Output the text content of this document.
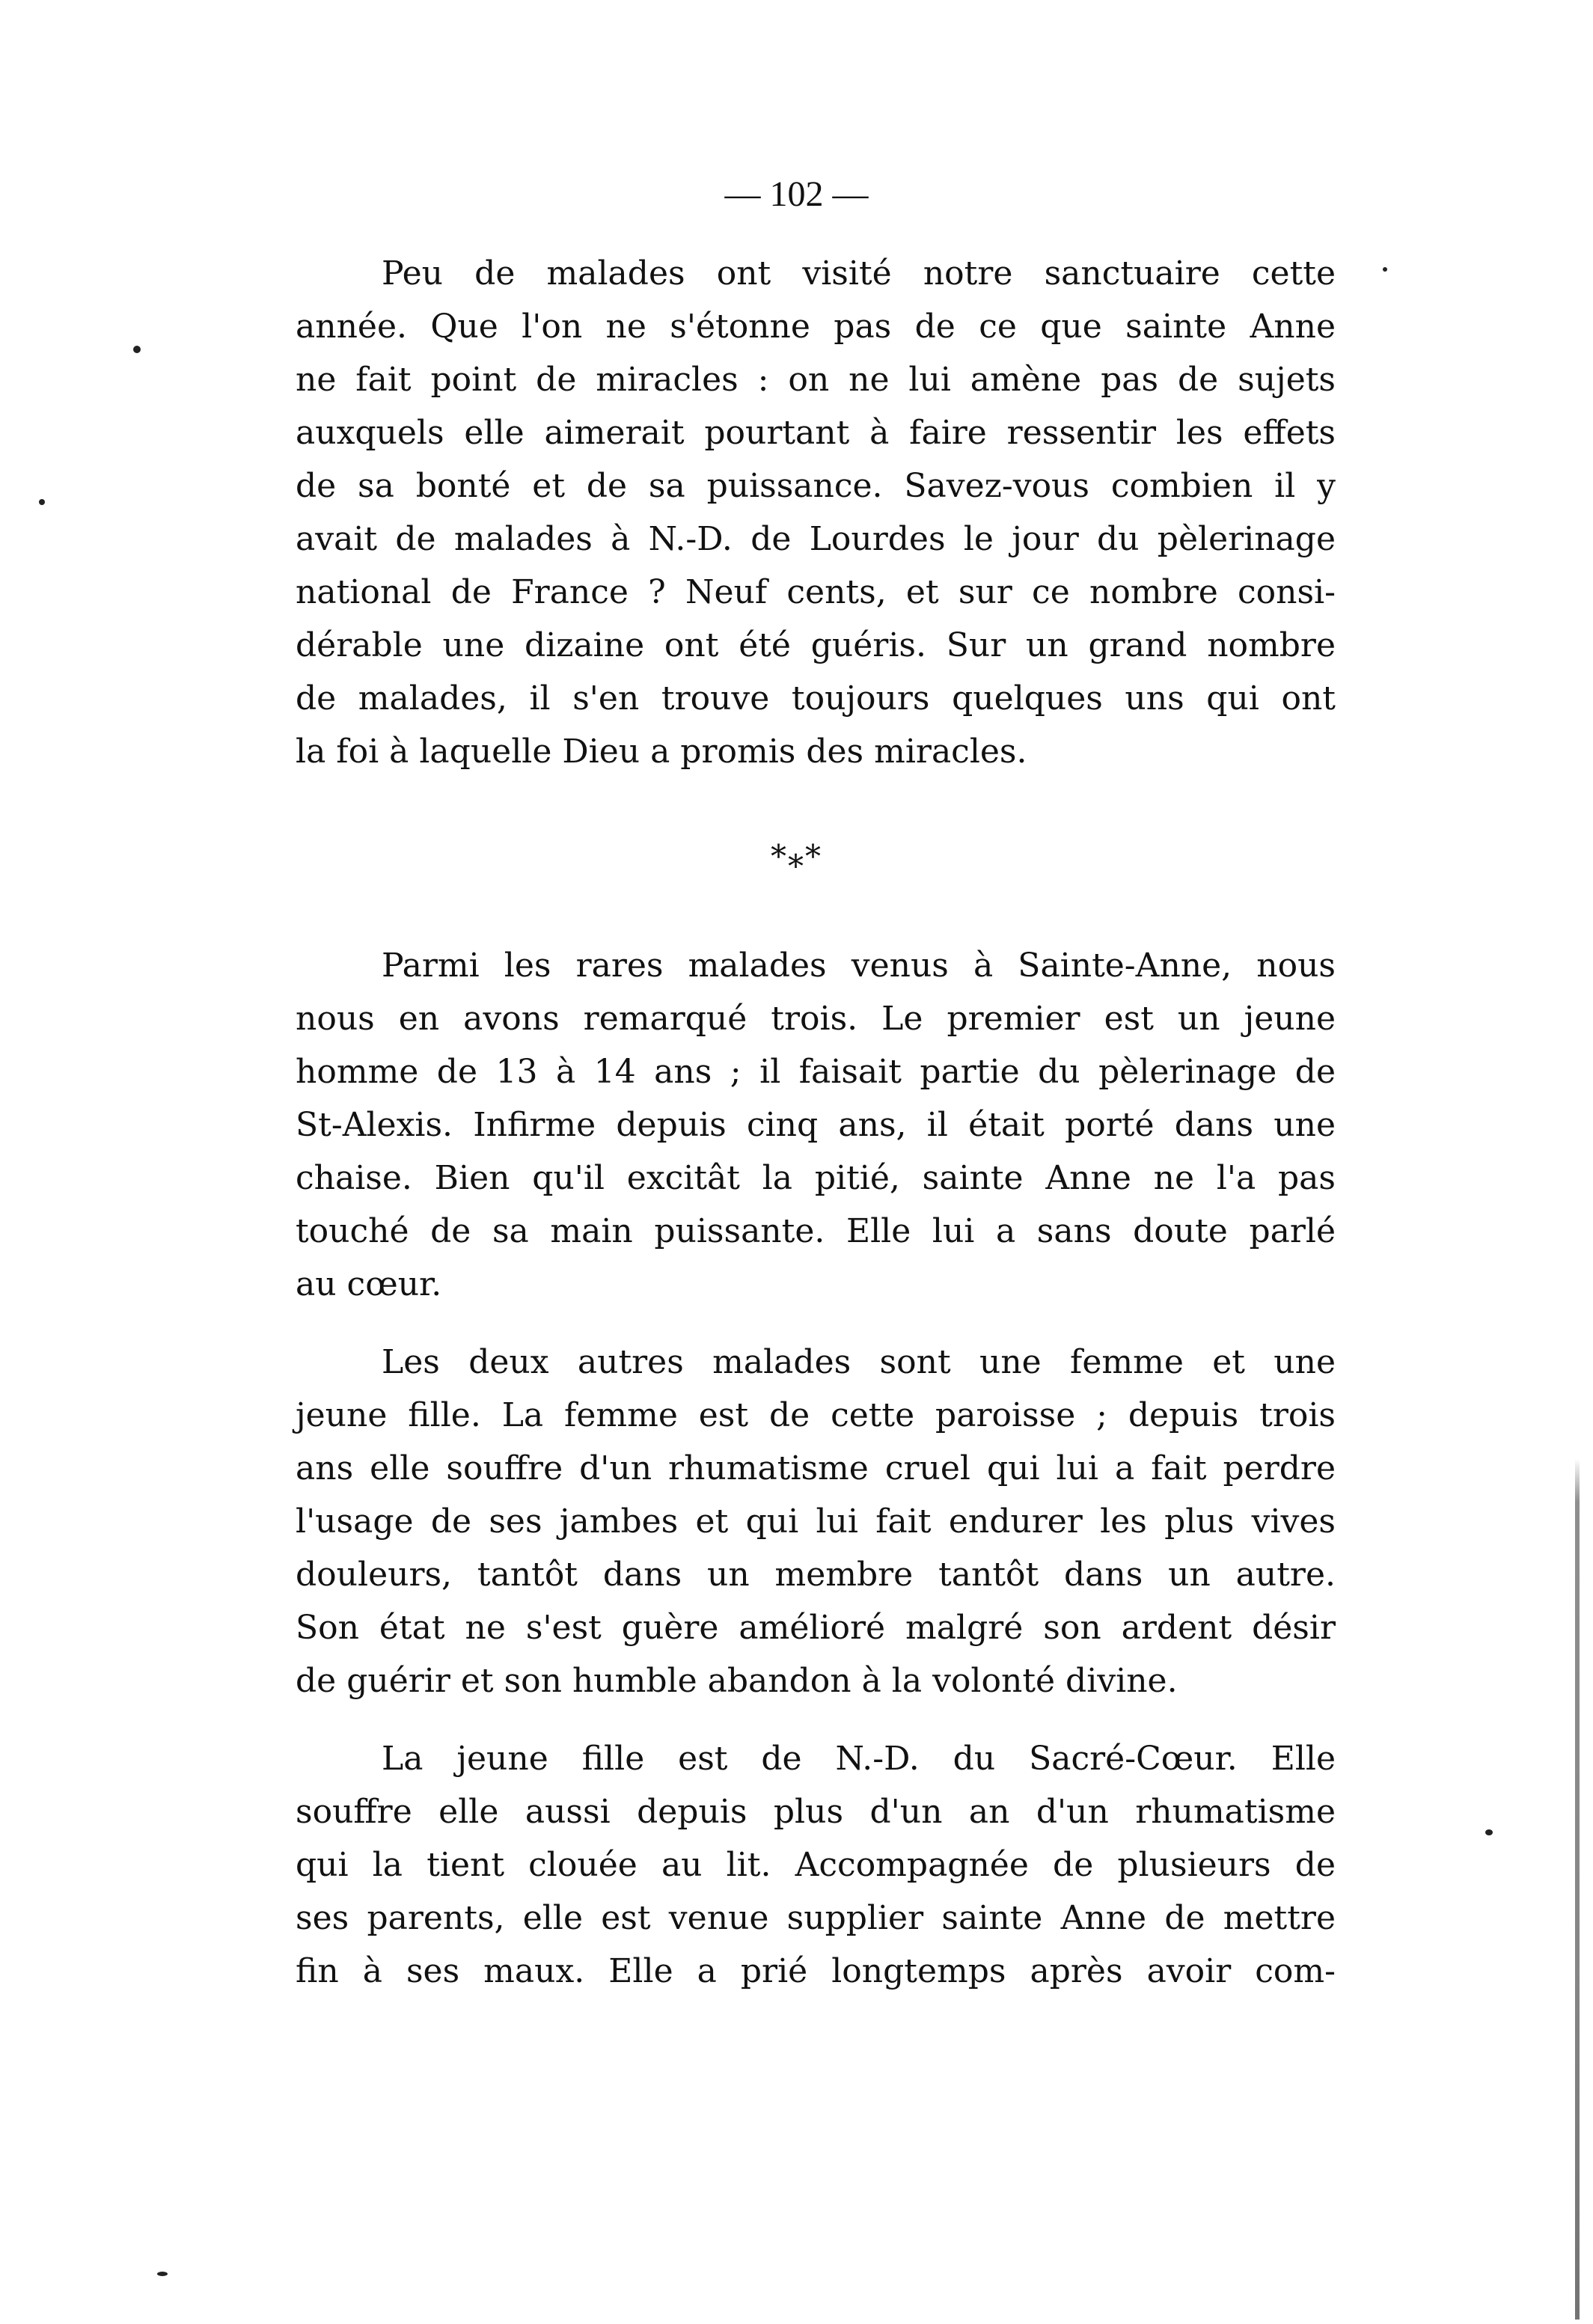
— 102 —
Peu de malades ont visité notre sanctuaire cette
année. Que l'on ne s'étonne pas de ce que sainte Anne
ne fait point de miracles : on ne lui amène pas de sujets
auxquels elle aimerait pourtant à faire ressentir les effets
de sa bonté et de sa puissance. Savez-vous combien il y
avait de malades à N.-D. de Lourdes le jour du pèlerinage
national de France ? Neuf cents, et sur ce nombre consi-
dérable une dizaine ont été guéris. Sur un grand nombre
de malades, il s'en trouve toujours quelques uns qui ont
la foi à laquelle Dieu a promis des miracles.
*⁎*
Parmi les rares malades venus à Sainte-Anne, nous
nous en avons remarqué trois. Le premier est un jeune
homme de 13 à 14 ans ; il faisait partie du pèlerinage de
St-Alexis. Infirme depuis cinq ans, il était porté dans une
chaise. Bien qu'il excitât la pitié, sainte Anne ne l'a pas
touché de sa main puissante. Elle lui a sans doute parlé
au cœur.
Les deux autres malades sont une femme et une
jeune fille. La femme est de cette paroisse ; depuis trois
ans elle souffre d'un rhumatisme cruel qui lui a fait perdre
l'usage de ses jambes et qui lui fait endurer les plus vives
douleurs, tantôt dans un membre tantôt dans un autre.
Son état ne s'est guère amélioré malgré son ardent désir
de guérir et son humble abandon à la volonté divine.
La jeune fille est de N.-D. du Sacré-Cœur. Elle
souffre elle aussi depuis plus d'un an d'un rhumatisme
qui la tient clouée au lit. Accompagnée de plusieurs de
ses parents, elle est venue supplier sainte Anne de mettre
fin à ses maux. Elle a prié longtemps après avoir com-
